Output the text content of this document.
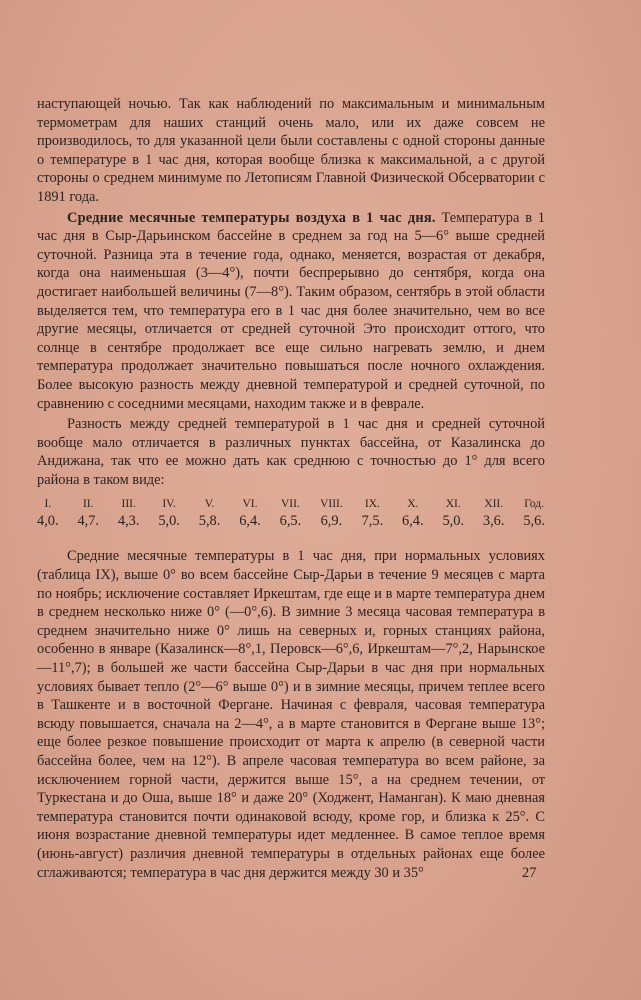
наступающей ночью. Так как наблюдений по максимальным и минимальным термометрам для наших станций очень мало, или их даже совсем не производилось, то для указанной цели были составлены с одной стороны данные о температуре в 1 час дня, которая вообще близка к максимальной, а с другой стороны о среднем минимуме по Летописям Главной Физической Обсерватории с 1891 года.

Средние месячные температуры воздуха в 1 час дня. Температура в 1 час дня в Сыр-Дарьинском бассейне в среднем за год на 5—6° выше средней суточной. Разница эта в течение года, однако, меняется, возрастая от декабря, когда она наименьшая (3—4°), почти беспрерывно до сентября, когда она достигает наибольшей величины (7—8°). Таким образом, сентябрь в этой области выделяется тем, что температура его в 1 час дня более значительно, чем во все другие месяцы, отличается от средней суточной Это происходит оттого, что солнце в сентябре продолжает все еще сильно нагревать землю, и днем температура продолжает значительно повышаться после ночного охлаждения. Более высокую разность между дневной температурой и средней суточной, по сравнению с соседними месяцами, находим также и в феврале.

Разность между средней температурой в 1 час дня и средней суточной вообще мало отличается в различных пунктах бассейна, от Казалинска до Андижана, так что ее можно дать как среднюю с точностью до 1° для всего района в таком виде:

I.
4,0.
II.
4,7.
III.
4,3.
IV.
5,0.
V.
5,8.
VI.
6,4.
VII.
6,5.
VIII.
6,9.
IX.
7,5.
X.
6,4.
XI.
5,0.
XII.
3,6.
Год.
5,6.

Средние месячные температуры в 1 час дня, при нормальных условиях (таблица IX), выше 0° во всем бассейне Сыр-Дарьи в течение 9 месяцев с марта по ноябрь; исключение составляет Иркештам, где еще и в марте температура днем в среднем несколько ниже 0° (—0°,6). В зимние 3 месяца часовая температура в среднем значительно ниже 0° лишь на северных и, горных станциях района, особенно в январе (Казалинск—8°,1, Перовск—6°,6, Иркештам—7°,2, Нарынское—11°,7); в большей же части бассейна Сыр-Дарьи в час дня при нормальных условиях бывает тепло (2°—6° выше 0°) и в зимние месяцы, причем теплее всего в Ташкенте и в восточной Фергане. Начиная с февраля, часовая температура всюду повышается, сначала на 2—4°, а в марте становится в Фергане выше 13°; еще более резкое повышение происходит от марта к апрелю (в северной части бассейна более, чем на 12°). В апреле часовая температура во всем районе, за исключением горной части, держится выше 15°, а на среднем течении, от Туркестана и до Оша, выше 18° и даже 20° (Ходжент, Наманган). К маю дневная температура становится почти одинаковой всюду, кроме гор, и близка к 25°. С июня возрастание дневной температуры идет медленнее. В самое теплое время (июнь-август) различия дневной температуры в отдельных районах еще более сглаживаются; температура в час дня держится между 30 и 35°	27
